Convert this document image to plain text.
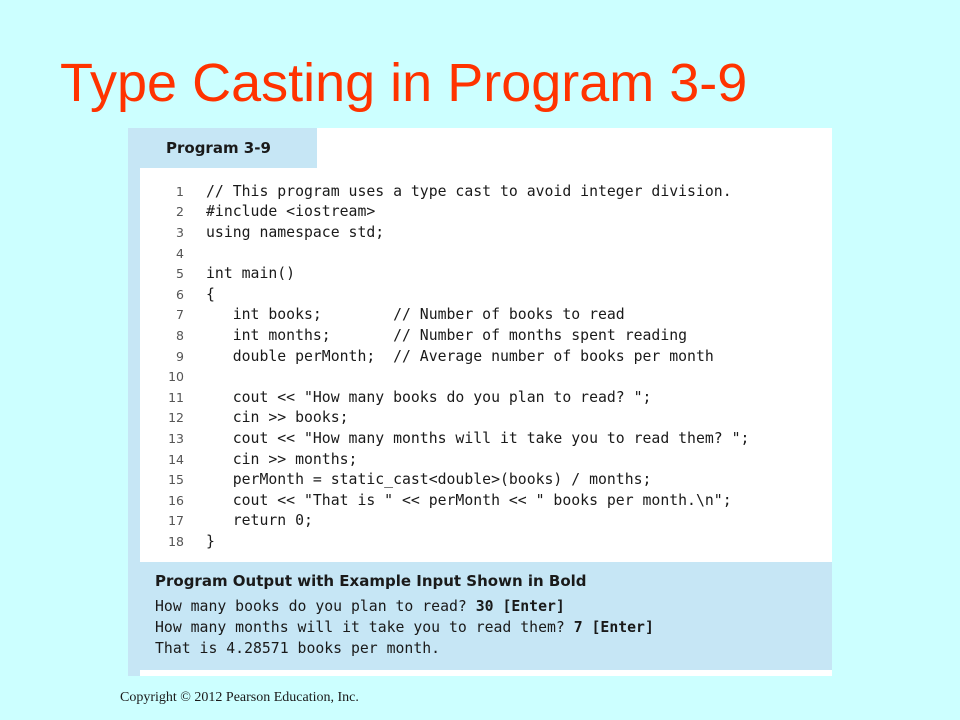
Type Casting in Program 3-9
Program 3-9
1 // This program uses a type cast to avoid integer division.
2 #include <iostream>
3 using namespace std;
4
5 int main()
6 {
7 int books;        // Number of books to read
8 int months;       // Number of months spent reading
9 double perMonth;  // Average number of books per month
10
11 cout << "How many books do you plan to read? ";
12 cin >> books;
13 cout << "How many months will it take you to read them? ";
14 cin >> months;
15 perMonth = static_cast<double>(books) / months;
16 cout << "That is " << perMonth << " books per month.\n";
17 return 0;
18 }
Program Output with Example Input Shown in Bold
How many books do you plan to read? 30 [Enter]
How many months will it take you to read them? 7 [Enter]
That is 4.28571 books per month.
Copyright © 2012 Pearson Education, Inc.
